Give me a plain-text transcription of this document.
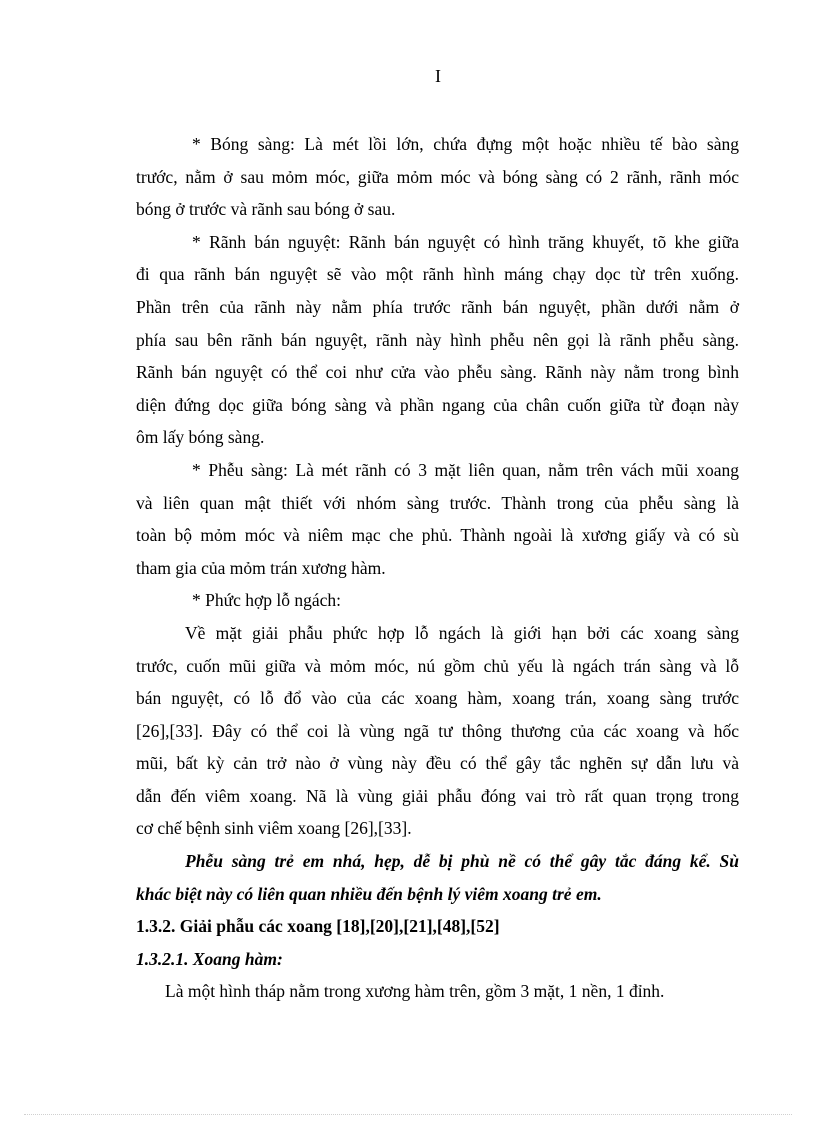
I
* Bóng sàng: Là mét lồi lớn, chứa đựng một hoặc nhiều tế bào sàng
trước, nằm ở sau mỏm móc, giữa mỏm móc và bóng sàng có 2 rãnh, rãnh móc
bóng ở trước và rãnh sau bóng ở sau.
* Rãnh bán nguyệt: Rãnh bán nguyệt có hình trăng khuyết, tõ khe giữa
đi qua rãnh bán nguyệt sẽ vào một rãnh hình máng chạy dọc từ trên xuống.
Phần trên của rãnh này nằm phía trước rãnh bán nguyệt, phần dưới nằm ở
phía sau bên rãnh bán nguyệt, rãnh này hình phễu nên gọi là rãnh phễu sàng.
Rãnh bán nguyệt có thể coi như cửa vào phễu sàng. Rãnh này nằm trong bình
diện đứng dọc giữa bóng sàng và phần ngang của chân cuốn giữa từ đoạn này
ôm lấy bóng sàng.
* Phễu sàng: Là mét rãnh có 3 mặt liên quan, nằm trên vách mũi xoang
và liên quan mật thiết với nhóm sàng trước. Thành trong của phễu sàng là
toàn bộ mỏm móc và niêm mạc che phủ. Thành ngoài là xương giấy và có sù
tham gia của mỏm trán xương hàm.
* Phức hợp lỗ ngách:
Về mặt giải phẫu phức hợp lỗ ngách là giới hạn bởi các xoang sàng
trước, cuốn mũi giữa và mỏm móc, nú gồm chủ yếu là ngách trán sàng và lỗ
bán nguyệt, có lỗ đổ vào của các xoang hàm, xoang trán, xoang sàng trước
[26],[33]. Đây có thể coi là vùng ngã tư thông thương của các xoang và hốc
mũi, bất kỳ cản trở nào ở vùng này đều có thể gây tắc nghẽn sự dẫn lưu và
dẫn đến viêm xoang. Nã là vùng giải phẫu đóng vai trò rất quan trọng trong
cơ chế bệnh sinh viêm xoang [26],[33].
Phễu sàng trẻ em nhá, hẹp, dễ bị phù nề có thể gây tắc đáng kể. Sù
khác biệt này có liên quan nhiều đến bệnh lý viêm xoang trẻ em.
1.3.2. Giải phẫu các xoang [18],[20],[21],[48],[52]
1.3.2.1. Xoang hàm:
Là một hình tháp nằm trong xương hàm trên, gồm 3 mặt, 1 nền, 1 đỉnh.
